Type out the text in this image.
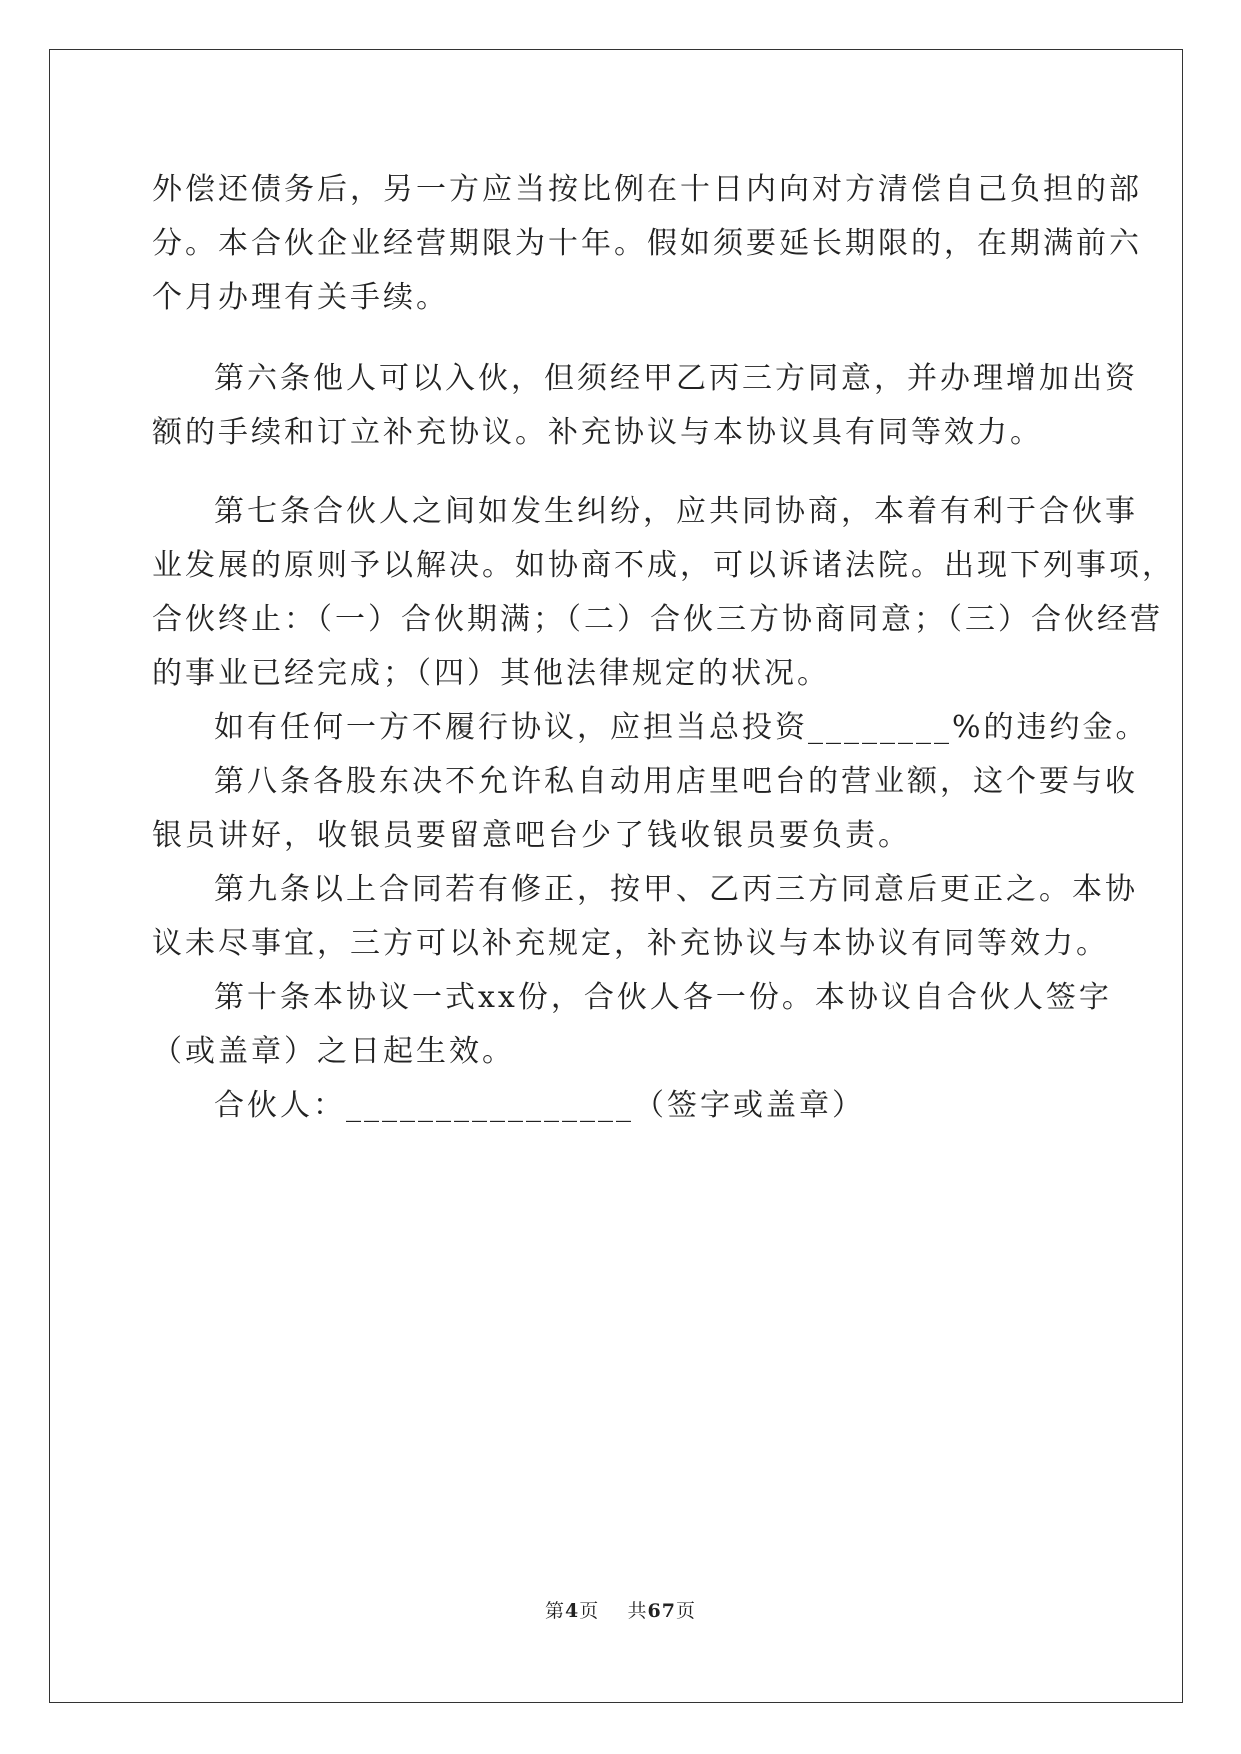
外偿还债务后，另一方应当按比例在十日内向对方清偿自己负担的部
分。本合伙企业经营期限为十年。假如须要延长期限的，在期满前六
个月办理有关手续。
第六条他人可以入伙，但须经甲乙丙三方同意，并办理增加出资
额的手续和订立补充协议。补充协议与本协议具有同等效力。
第七条合伙人之间如发生纠纷，应共同协商，本着有利于合伙事
业发展的原则予以解决。如协商不成，可以诉诸法院。出现下列事项，
合伙终止：（一）合伙期满；（二）合伙三方协商同意；（三）合伙经营
的事业已经完成；（四）其他法律规定的状况。
如有任何一方不履行协议，应担当总投资________%的违约金。
第八条各股东决不允许私自动用店里吧台的营业额，这个要与收
银员讲好，收银员要留意吧台少了钱收银员要负责。
第九条以上合同若有修正，按甲、乙丙三方同意后更正之。本协
议未尽事宜，三方可以补充规定，补充协议与本协议有同等效力。
第十条本协议一式xx份，合伙人各一份。本协议自合伙人签字
（或盖章）之日起生效。
合伙人：________________（签字或盖章）
第4页 共67页
